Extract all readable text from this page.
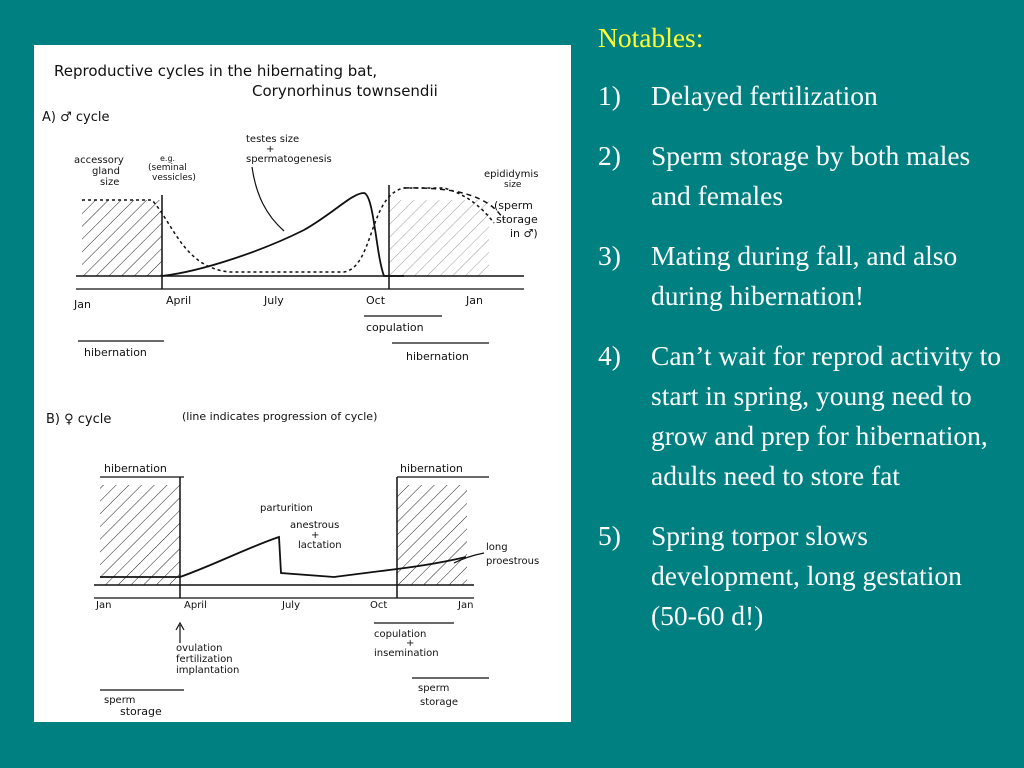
Reproductive cycles in the hibernating bat,
Corynorhinus townsendii
A) ♂ cycle
accessory
gland
size
e.g.
(seminal
vessicles)
testes size
+
spermatogenesis
epididymis
size
(sperm
storage
in ♂)
Jan	April	July	Oct	Jan
copulation
hibernation	hibernation
B) ♀ cycle	(line indicates progression of cycle)
hibernation	hibernation
parturition
anestrous
+
lactation	long
proestrous
Jan	April	July	Oct	Jan
ovulation
fertilization
implantation
copulation
+
insemination
sperm
storage
sperm
storage
Notables:
1)	Delayed fertilization
2)	Sperm storage by both males and females
3)	Mating during fall, and also during hibernation!
4)	Can’t wait for reprod activity to start in spring, young need to grow and prep for hibernation, adults need to store fat
5)	Spring torpor slows development, long gestation (50-60 d!)
